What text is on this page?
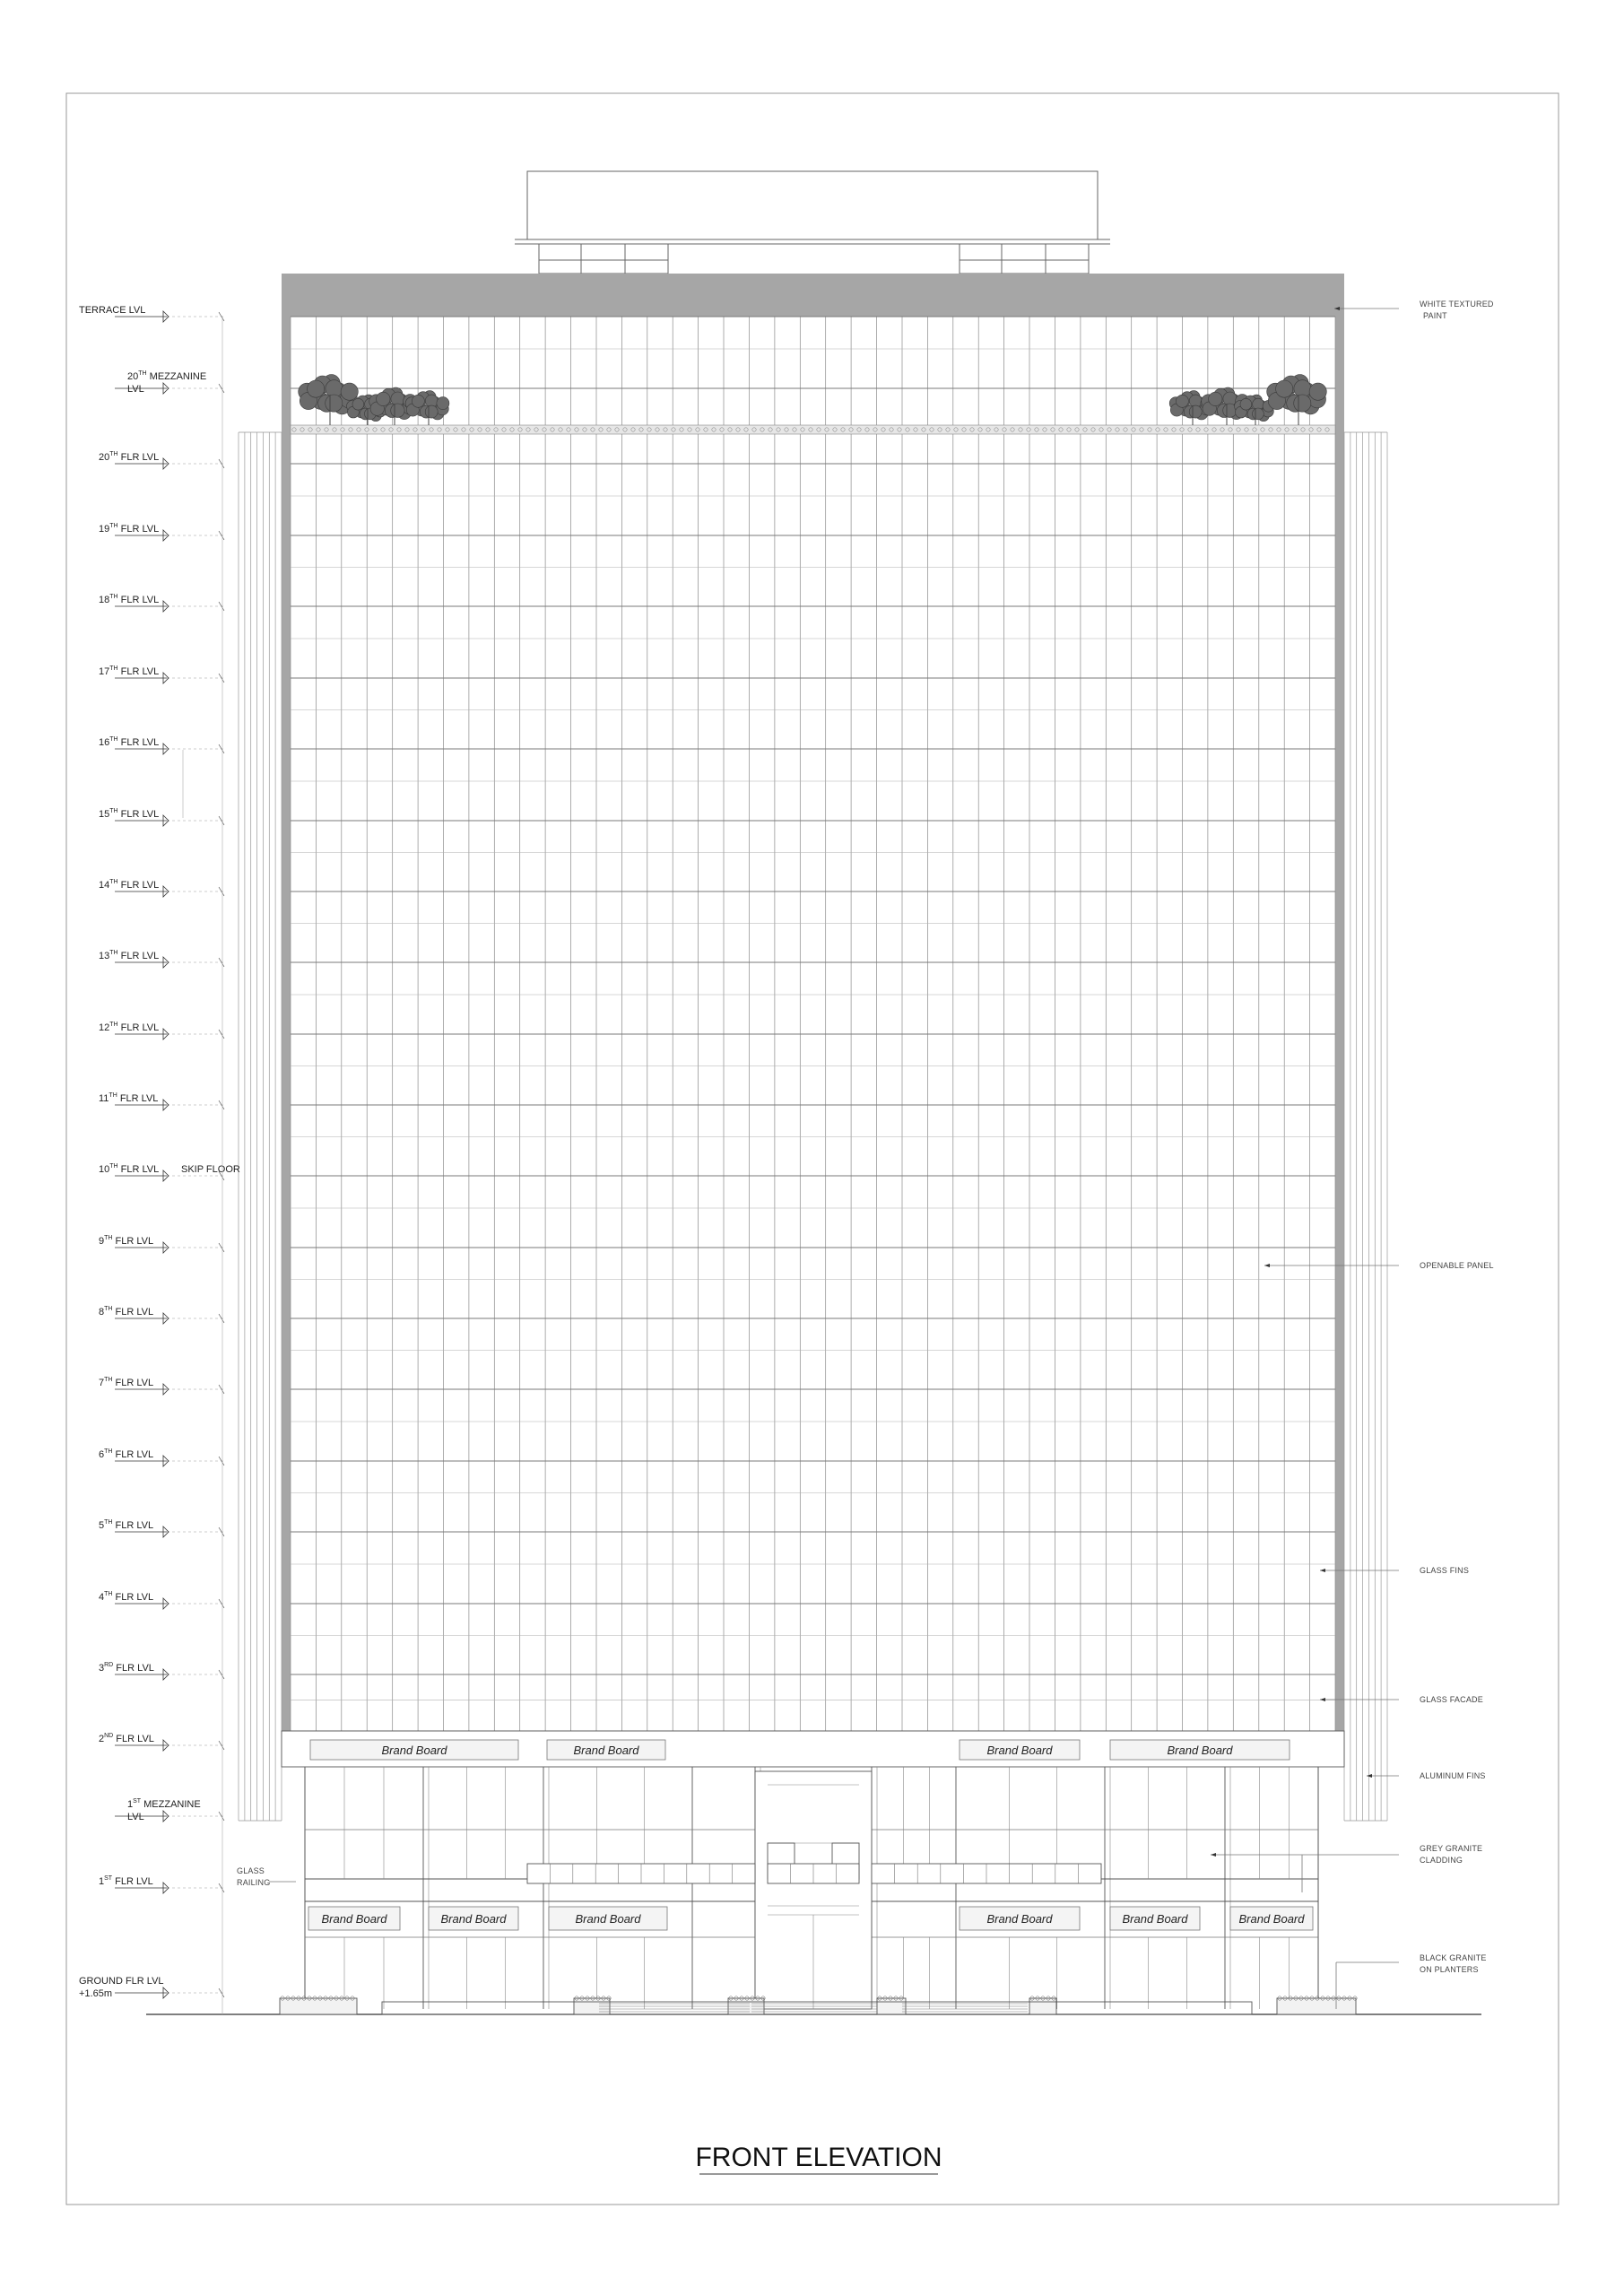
Brand Board	Brand Board	Brand Board	Brand Board
Brand Board	Brand Board	Brand Board	Brand Board	Brand Board	Brand Board
TERRACE LVL
20TH MEZZANINE
LVL
20TH FLR LVL
19TH FLR LVL
18TH FLR LVL
17TH FLR LVL
16TH FLR LVL
15TH FLR LVL
14TH FLR LVL
13TH FLR LVL
12TH FLR LVL
11TH FLR LVL
10TH FLR LVL
9TH FLR LVL
8TH FLR LVL
7TH FLR LVL
6TH FLR LVL
5TH FLR LVL
4TH FLR LVL
3RD FLR LVL
2ND FLR LVL
1ST MEZZANINE
LVL
1ST FLR LVL
GROUND FLR LVL
+1.65m
SKIP FLOOR
WHITE TEXTURED
PAINT
OPENABLE PANEL
GLASS FINS
GLASS FACADE
ALUMINUM FINS
GREY GRANITE
CLADDING
BLACK GRANITE
ON PLANTERS
GLASS
RAILING
FRONT ELEVATION
